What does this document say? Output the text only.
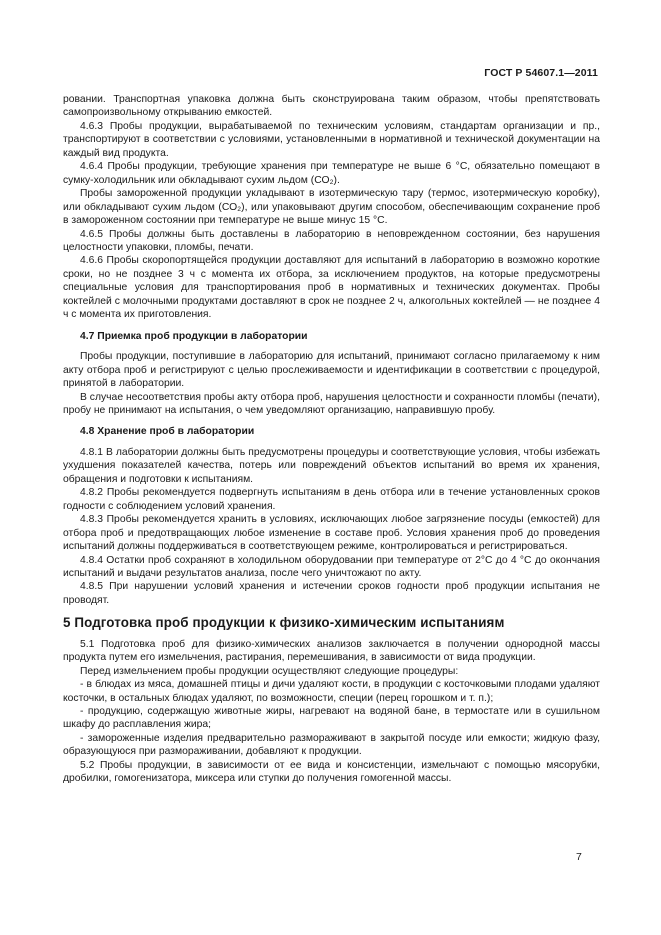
ГОСТ Р 54607.1—2011

ровании. Транспортная упаковка должна быть сконструирована таким образом, чтобы препятствовать самопроизвольному открыванию емкостей.

4.6.3 Пробы продукции, вырабатываемой по техническим условиям, стандартам организации и пр., транспортируют в соответствии с условиями, установленными в нормативной и технической документации на каждый вид продукта.

4.6.4 Пробы продукции, требующие хранения при температуре не выше 6 °С, обязательно помещают в сумку-холодильник или обкладывают сухим льдом (СО₂).

Пробы замороженной продукции укладывают в изотермическую тару (термос, изотермическую коробку), или обкладывают сухим льдом (СО₂), или упаковывают другим способом, обеспечивающим сохранение проб в замороженном состоянии при температуре не выше минус 15 °С.

4.6.5 Пробы должны быть доставлены в лабораторию в неповрежденном состоянии, без нарушения целостности упаковки, пломбы, печати.

4.6.6 Пробы скоропортящейся продукции доставляют для испытаний в лабораторию в возможно короткие сроки, но не позднее 3 ч с момента их отбора, за исключением продуктов, на которые предусмотрены специальные условия для транспортирования проб в нормативных и технических документах. Пробы коктейлей с молочными продуктами доставляют в срок не позднее 2 ч, алкогольных коктейлей — не позднее 4 ч с момента их приготовления.

4.7 Приемка проб продукции в лаборатории

Пробы продукции, поступившие в лабораторию для испытаний, принимают согласно прилагаемому к ним акту отбора проб и регистрируют с целью прослеживаемости и идентификации в соответствии с процедурой, принятой в лаборатории.

В случае несоответствия пробы акту отбора проб, нарушения целостности и сохранности пломбы (печати), пробу не принимают на испытания, о чем уведомляют организацию, направившую пробу.

4.8 Хранение проб в лаборатории

4.8.1 В лаборатории должны быть предусмотрены процедуры и соответствующие условия, чтобы избежать ухудшения показателей качества, потерь или повреждений объектов испытаний во время их хранения, обращения и подготовки к испытаниям.

4.8.2 Пробы рекомендуется подвергнуть испытаниям в день отбора или в течение установленных сроков годности с соблюдением условий хранения.

4.8.3 Пробы рекомендуется хранить в условиях, исключающих любое загрязнение посуды (емкостей) для отбора проб и предотвращающих любое изменение в составе проб. Условия хранения проб до проведения испытаний должны поддерживаться в соответствующем режиме, контролироваться и регистрироваться.

4.8.4 Остатки проб сохраняют в холодильном оборудовании при температуре от 2°С до 4 °С до окончания испытаний и выдачи результатов анализа, после чего уничтожают по акту.

4.8.5 При нарушении условий хранения и истечении сроков годности проб продукции испытания не проводят.

5 Подготовка проб продукции к физико-химическим испытаниям

5.1 Подготовка проб для физико-химических анализов заключается в получении однородной массы продукта путем его измельчения, растирания, перемешивания, в зависимости от вида продукции.

Перед измельчением пробы продукции осуществляют следующие процедуры:

- в блюдах из мяса, домашней птицы и дичи удаляют кости, в продукции с косточковыми плодами удаляют косточки, в остальных блюдах удаляют, по возможности, специи (перец горошком и т. п.);

- продукцию, содержащую животные жиры, нагревают на водяной бане, в термостате или в сушильном шкафу до расплавления жира;

- замороженные изделия предварительно размораживают в закрытой посуде или емкости; жидкую фазу, образующуюся при размораживании, добавляют к продукции.

5.2 Пробы продукции, в зависимости от ее вида и консистенции, измельчают с помощью мясорубки, дробилки, гомогенизатора, миксера или ступки до получения гомогенной массы.

7
